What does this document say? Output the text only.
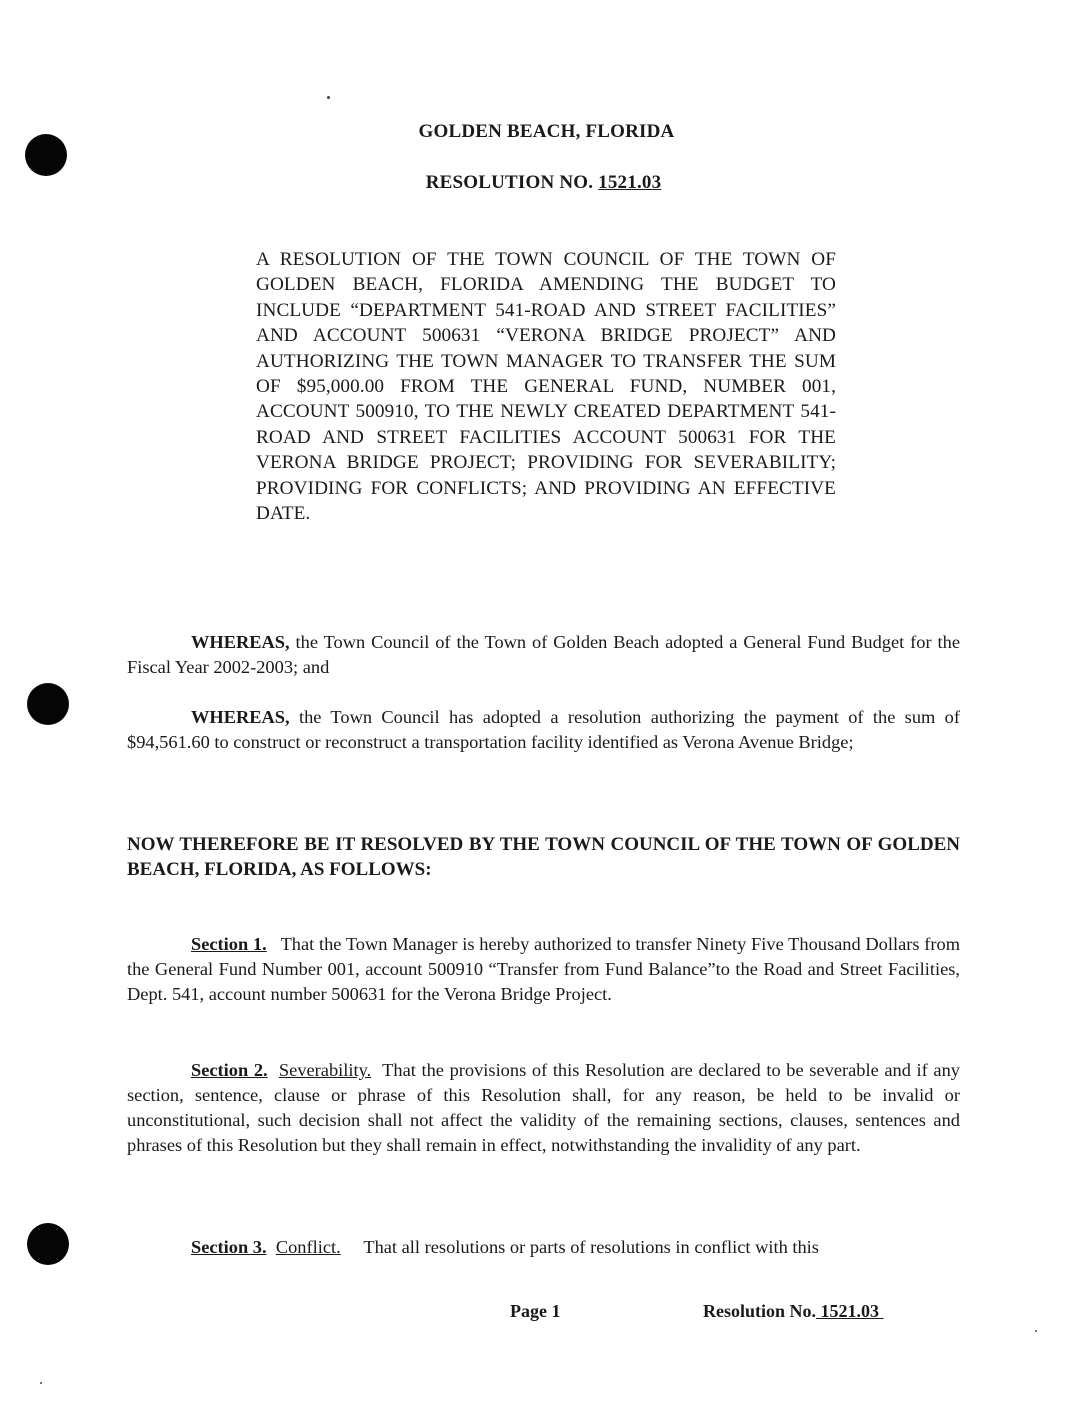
GOLDEN BEACH, FLORIDA
RESOLUTION NO. 1521.03
A RESOLUTION OF THE TOWN COUNCIL OF THE TOWN OF GOLDEN BEACH, FLORIDA AMENDING THE BUDGET TO INCLUDE “DEPARTMENT 541-ROAD AND STREET FACILITIES” AND ACCOUNT 500631 “VERONA BRIDGE PROJECT” AND AUTHORIZING THE TOWN MANAGER TO TRANSFER THE SUM OF $95,000.00 FROM THE GENERAL FUND, NUMBER 001, ACCOUNT 500910, TO THE NEWLY CREATED DEPARTMENT 541-ROAD AND STREET FACILITIES ACCOUNT 500631 FOR THE VERONA BRIDGE PROJECT; PROVIDING FOR SEVERABILITY; PROVIDING FOR CONFLICTS; AND PROVIDING AN EFFECTIVE DATE.
WHEREAS, the Town Council of the Town of Golden Beach adopted a General Fund Budget for the Fiscal Year 2002-2003; and
WHEREAS, the Town Council has adopted a resolution authorizing the payment of the sum of $94,561.60 to construct or reconstruct a transportation facility identified as Verona Avenue Bridge;
NOW THEREFORE BE IT RESOLVED BY THE TOWN COUNCIL OF THE TOWN OF GOLDEN BEACH, FLORIDA, AS FOLLOWS:
Section 1. That the Town Manager is hereby authorized to transfer Ninety Five Thousand Dollars from the General Fund Number 001, account 500910 “Transfer from Fund Balance”to the Road and Street Facilities, Dept. 541, account number 500631 for the Verona Bridge Project.
Section 2. Severability. That the provisions of this Resolution are declared to be severable and if any section, sentence, clause or phrase of this Resolution shall, for any reason, be held to be invalid or unconstitutional, such decision shall not affect the validity of the remaining sections, clauses, sentences and phrases of this Resolution but they shall remain in effect, notwithstanding the invalidity of any part.
Section 3. Conflict. That all resolutions or parts of resolutions in conflict with this
Page 1	Resolution No. 1521.03
